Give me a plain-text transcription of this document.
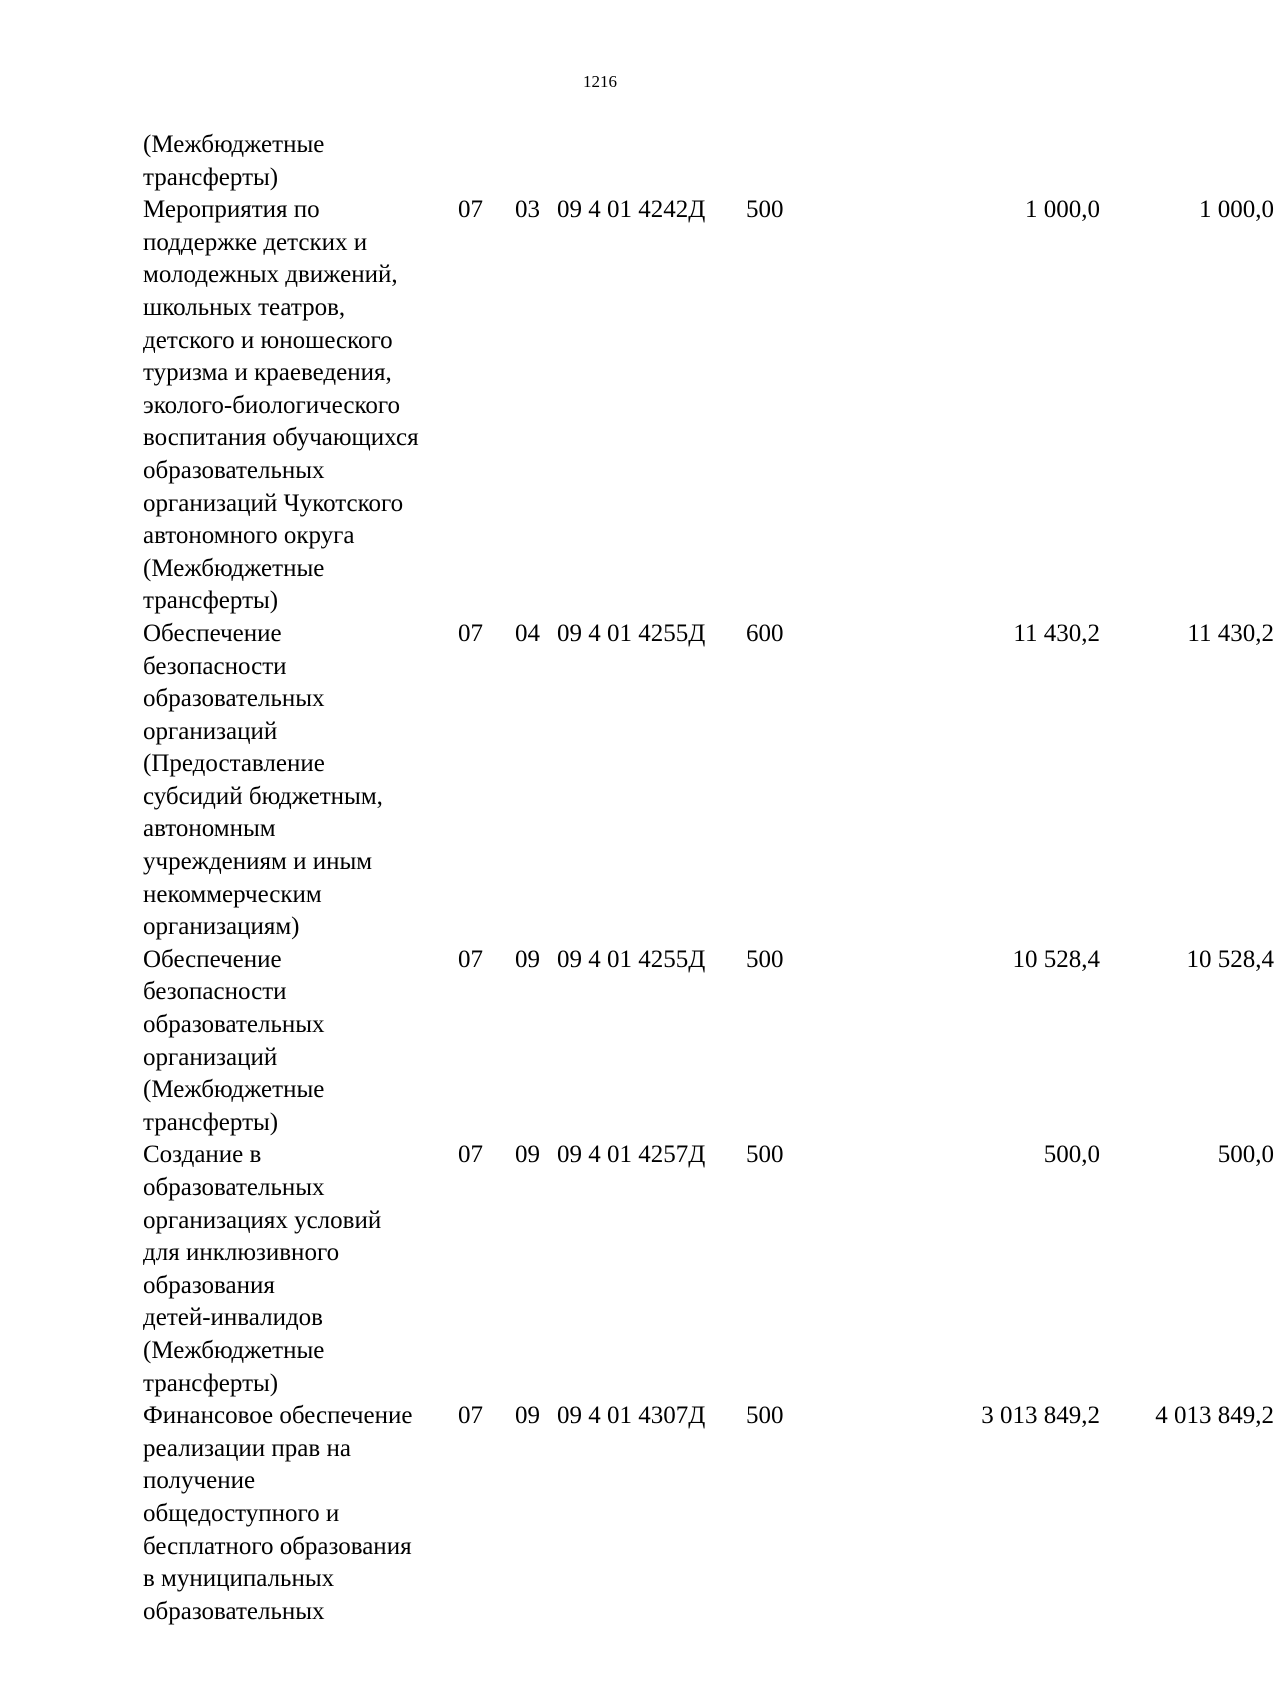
1216
(Межбюджетные
трансферты)
Мероприятия по
поддержке детских и
молодежных движений,
школьных театров,
детского и юношеского
туризма и краеведения,
эколого-биологического
воспитания обучающихся
образовательных
организаций Чукотского
автономного округа
(Межбюджетные
трансферты)
07 03 09 4 01 4242Д 500	1 000,0	1 000,0
Обеспечение
безопасности
образовательных
организаций
(Предоставление
субсидий бюджетным,
автономным
учреждениям и иным
некоммерческим
организациям)
07 04 09 4 01 4255Д 600	11 430,2	11 430,2
Обеспечение
безопасности
образовательных
организаций
(Межбюджетные
трансферты)
07 09 09 4 01 4255Д 500	10 528,4	10 528,4
Создание в
образовательных
организациях условий
для инклюзивного
образования
детей-инвалидов
(Межбюджетные
трансферты)
07 09 09 4 01 4257Д 500	500,0	500,0
Финансовое обеспечение
реализации прав на
получение
общедоступного и
бесплатного образования
в муниципальных
образовательных
07 09 09 4 01 4307Д 500	3 013 849,2	4 013 849,2
